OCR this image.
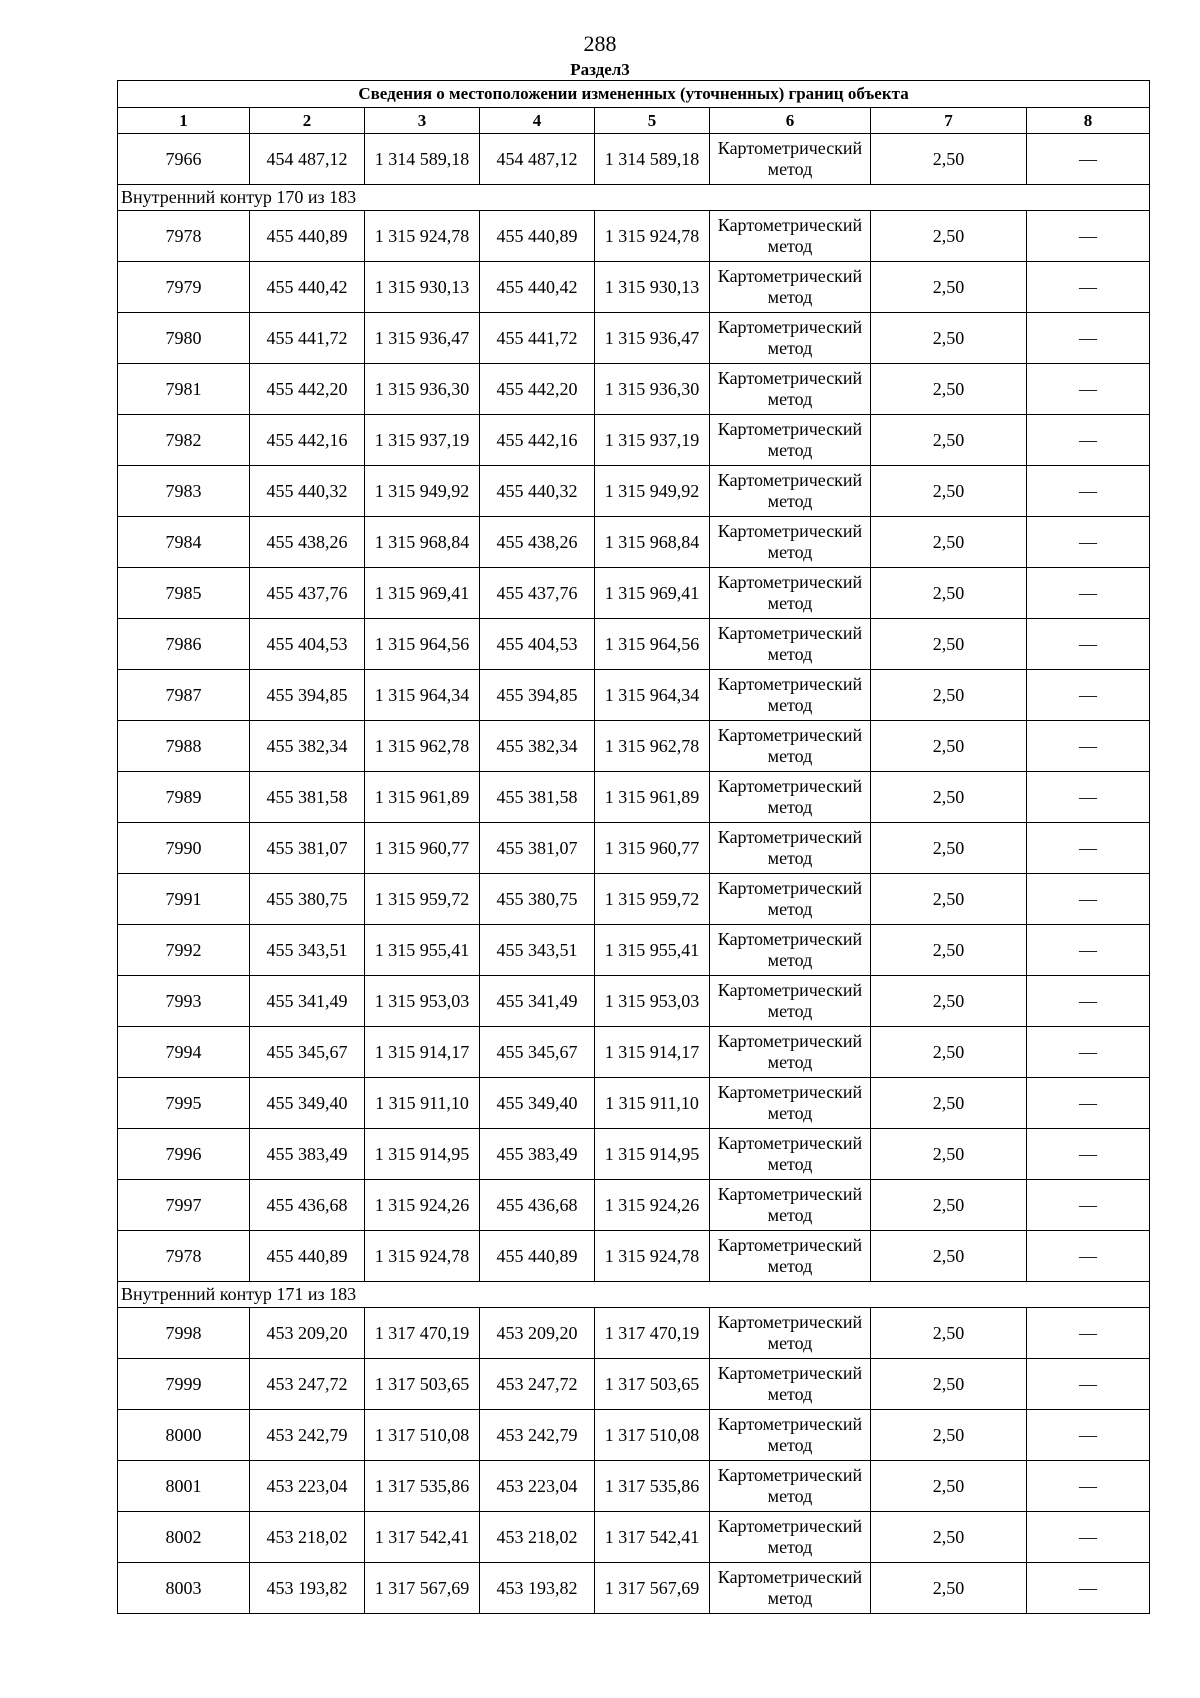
288
Раздел3
Сведения о местоположении измененных (уточненных) границ объекта							
1	2	3	4	5	6	7	8
7966	454 487,12	1 314 589,18	454 487,12	1 314 589,18	Картометрический метод	2,50	—
Внутренний контур 170 из 183							
7978	455 440,89	1 315 924,78	455 440,89	1 315 924,78	Картометрический метод	2,50	—
7979	455 440,42	1 315 930,13	455 440,42	1 315 930,13	Картометрический метод	2,50	—
7980	455 441,72	1 315 936,47	455 441,72	1 315 936,47	Картометрический метод	2,50	—
7981	455 442,20	1 315 936,30	455 442,20	1 315 936,30	Картометрический метод	2,50	—
7982	455 442,16	1 315 937,19	455 442,16	1 315 937,19	Картометрический метод	2,50	—
7983	455 440,32	1 315 949,92	455 440,32	1 315 949,92	Картометрический метод	2,50	—
7984	455 438,26	1 315 968,84	455 438,26	1 315 968,84	Картометрический метод	2,50	—
7985	455 437,76	1 315 969,41	455 437,76	1 315 969,41	Картометрический метод	2,50	—
7986	455 404,53	1 315 964,56	455 404,53	1 315 964,56	Картометрический метод	2,50	—
7987	455 394,85	1 315 964,34	455 394,85	1 315 964,34	Картометрический метод	2,50	—
7988	455 382,34	1 315 962,78	455 382,34	1 315 962,78	Картометрический метод	2,50	—
7989	455 381,58	1 315 961,89	455 381,58	1 315 961,89	Картометрический метод	2,50	—
7990	455 381,07	1 315 960,77	455 381,07	1 315 960,77	Картометрический метод	2,50	—
7991	455 380,75	1 315 959,72	455 380,75	1 315 959,72	Картометрический метод	2,50	—
7992	455 343,51	1 315 955,41	455 343,51	1 315 955,41	Картометрический метод	2,50	—
7993	455 341,49	1 315 953,03	455 341,49	1 315 953,03	Картометрический метод	2,50	—
7994	455 345,67	1 315 914,17	455 345,67	1 315 914,17	Картометрический метод	2,50	—
7995	455 349,40	1 315 911,10	455 349,40	1 315 911,10	Картометрический метод	2,50	—
7996	455 383,49	1 315 914,95	455 383,49	1 315 914,95	Картометрический метод	2,50	—
7997	455 436,68	1 315 924,26	455 436,68	1 315 924,26	Картометрический метод	2,50	—
7978	455 440,89	1 315 924,78	455 440,89	1 315 924,78	Картометрический метод	2,50	—
Внутренний контур 171 из 183							
7998	453 209,20	1 317 470,19	453 209,20	1 317 470,19	Картометрический метод	2,50	—
7999	453 247,72	1 317 503,65	453 247,72	1 317 503,65	Картометрический метод	2,50	—
8000	453 242,79	1 317 510,08	453 242,79	1 317 510,08	Картометрический метод	2,50	—
8001	453 223,04	1 317 535,86	453 223,04	1 317 535,86	Картометрический метод	2,50	—
8002	453 218,02	1 317 542,41	453 218,02	1 317 542,41	Картометрический метод	2,50	—
8003	453 193,82	1 317 567,69	453 193,82	1 317 567,69	Картометрический метод	2,50	—
